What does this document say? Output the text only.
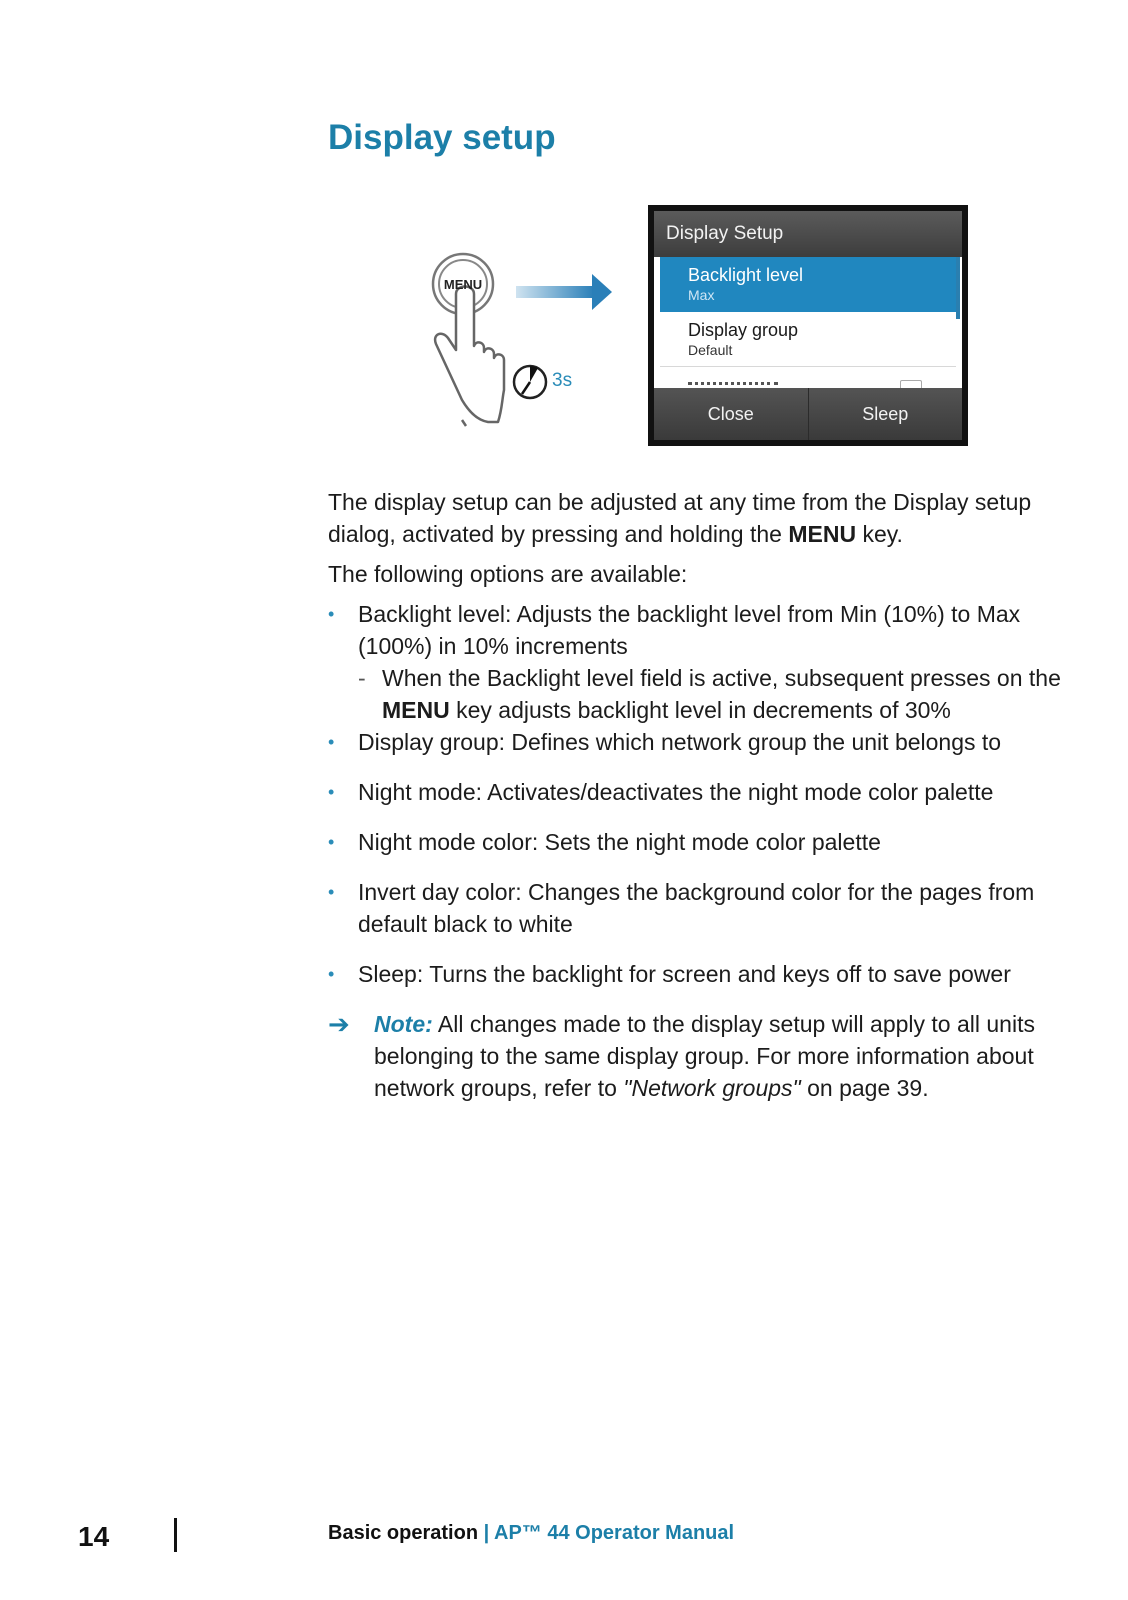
Display setup
MENU
3s
Display Setup
Backlight level
Max
Display group
Default
Close	Sleep

The display setup can be adjusted at any time from the Display setup dialog, activated by pressing and holding the MENU key.

The following options are available:

• Backlight level: Adjusts the backlight level from Min (10%) to Max (100%) in 10% increments
- When the Backlight level field is active, subsequent presses on the MENU key adjusts backlight level in decrements of 30%
• Display group: Defines which network group the unit belongs to
• Night mode: Activates/deactivates the night mode color palette
• Night mode color: Sets the night mode color palette
• Invert day color: Changes the background color for the pages from default black to white
• Sleep: Turns the backlight for screen and keys off to save power
➔ Note: All changes made to the display setup will apply to all units belonging to the same display group. For more information about network groups, refer to "Network groups" on page 39.
14	Basic operation | AP™ 44 Operator Manual
